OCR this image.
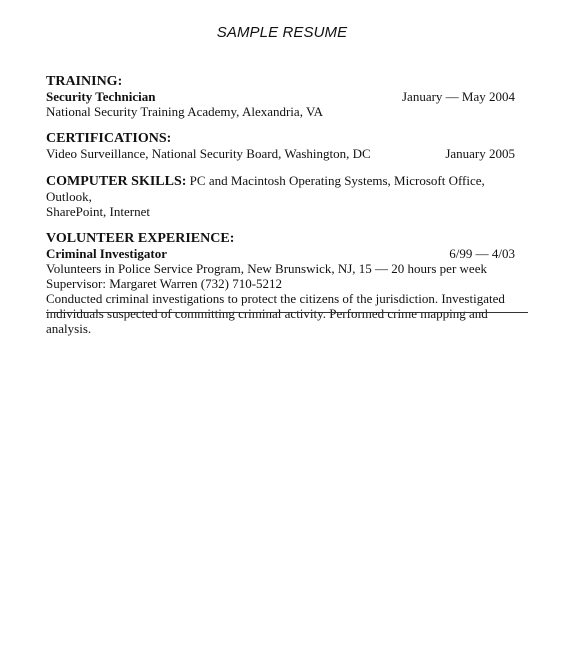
SAMPLE RESUME
TRAINING:
Security Technician	January — May 2004
National Security Training Academy, Alexandria, VA
CERTIFICATIONS:
Video Surveillance, National Security Board, Washington, DC	January 2005
COMPUTER SKILLS: PC and Macintosh Operating Systems, Microsoft Office, Outlook,
SharePoint, Internet
VOLUNTEER EXPERIENCE:
Criminal Investigator	6/99 — 4/03
Volunteers in Police Service Program, New Brunswick, NJ, 15 — 20 hours per week
Supervisor: Margaret Warren (732) 710-5212
Conducted criminal investigations to protect the citizens of the jurisdiction. Investigated
individuals suspected of committing criminal activity. Performed crime mapping and analysis.
